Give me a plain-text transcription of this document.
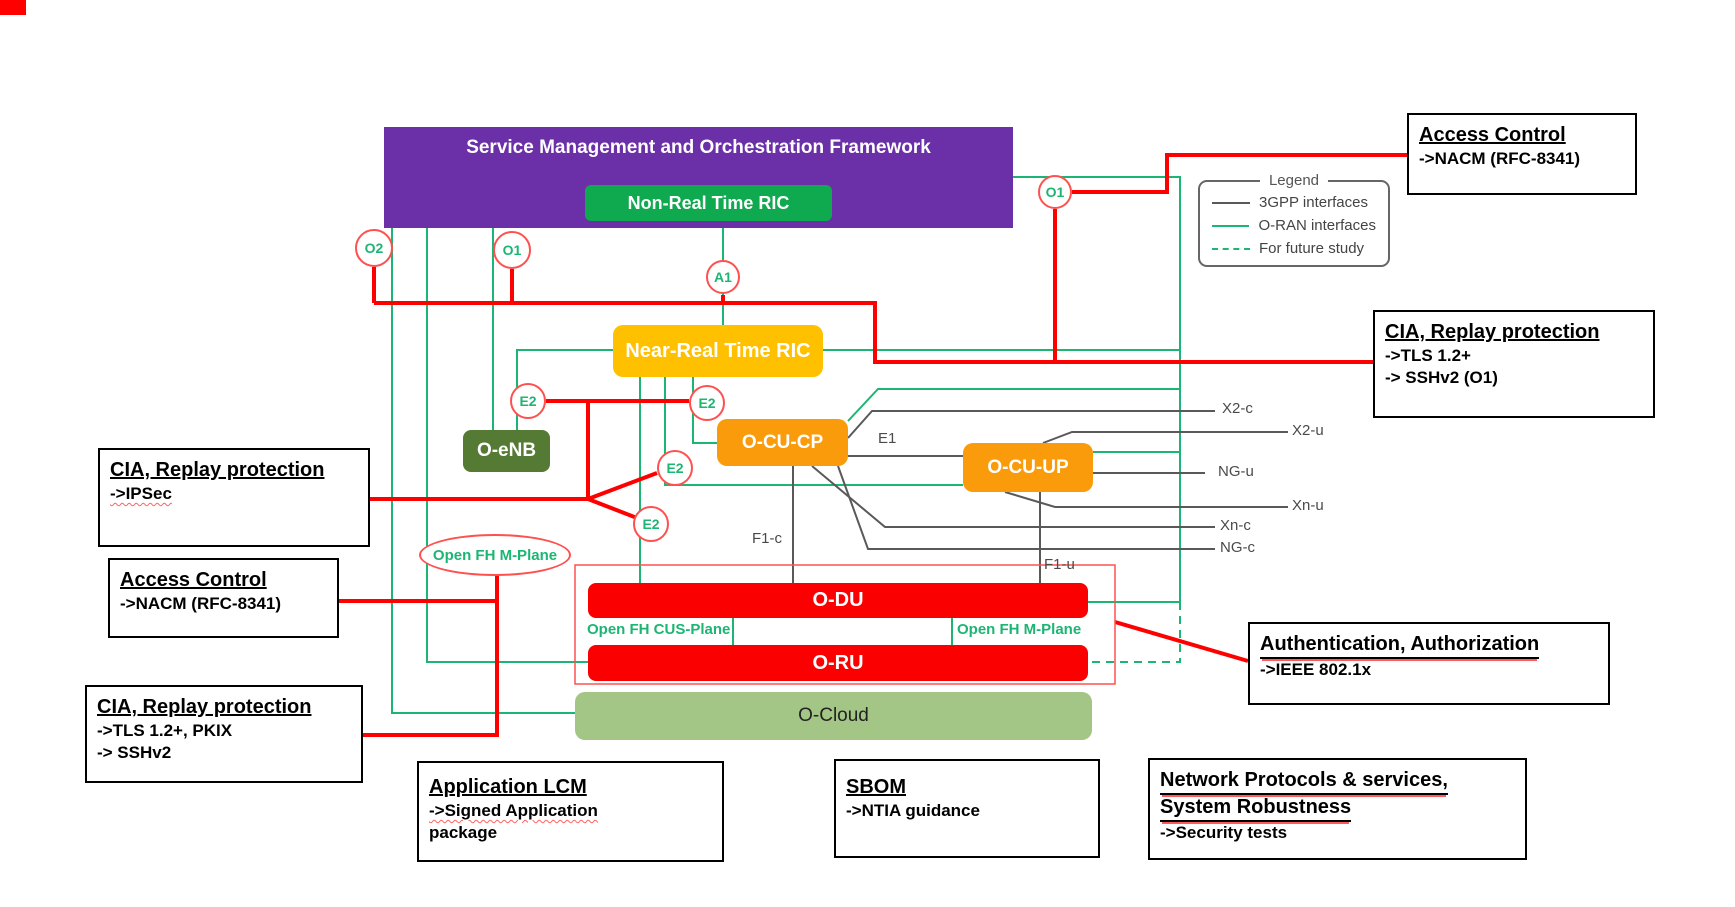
Service Management and Orchestration Framework
Non-Real Time RIC
Near-Real Time RIC
O-eNB	O-CU-CP
O-CU-UP
O-DU
O-RU
O-Cloud
O2	O1
A1
O1
E2	E2
E2
E2
Open FH M-Plane
E1
F1-c
F1-u
X2-c
X2-u
NG-u
Xn-u
Xn-c
NG-c
Open FH CUS-Plane	Open FH M-Plane
Legend
3GPP interfaces
O-RAN interfaces
For future study
Access Control
->NACM (RFC-8341)
CIA, Replay protection
->TLS 1.2+
-> SSHv2 (O1)
CIA, Replay protection
->IPSec
Access Control
->NACM (RFC-8341)
CIA, Replay protection
->TLS 1.2+, PKIX
-> SSHv2
Application LCM
->Signed Application
package
SBOM
->NTIA guidance
Network Protocols & services,
System Robustness
->Security tests
Authentication, Authorization
->IEEE 802.1x
